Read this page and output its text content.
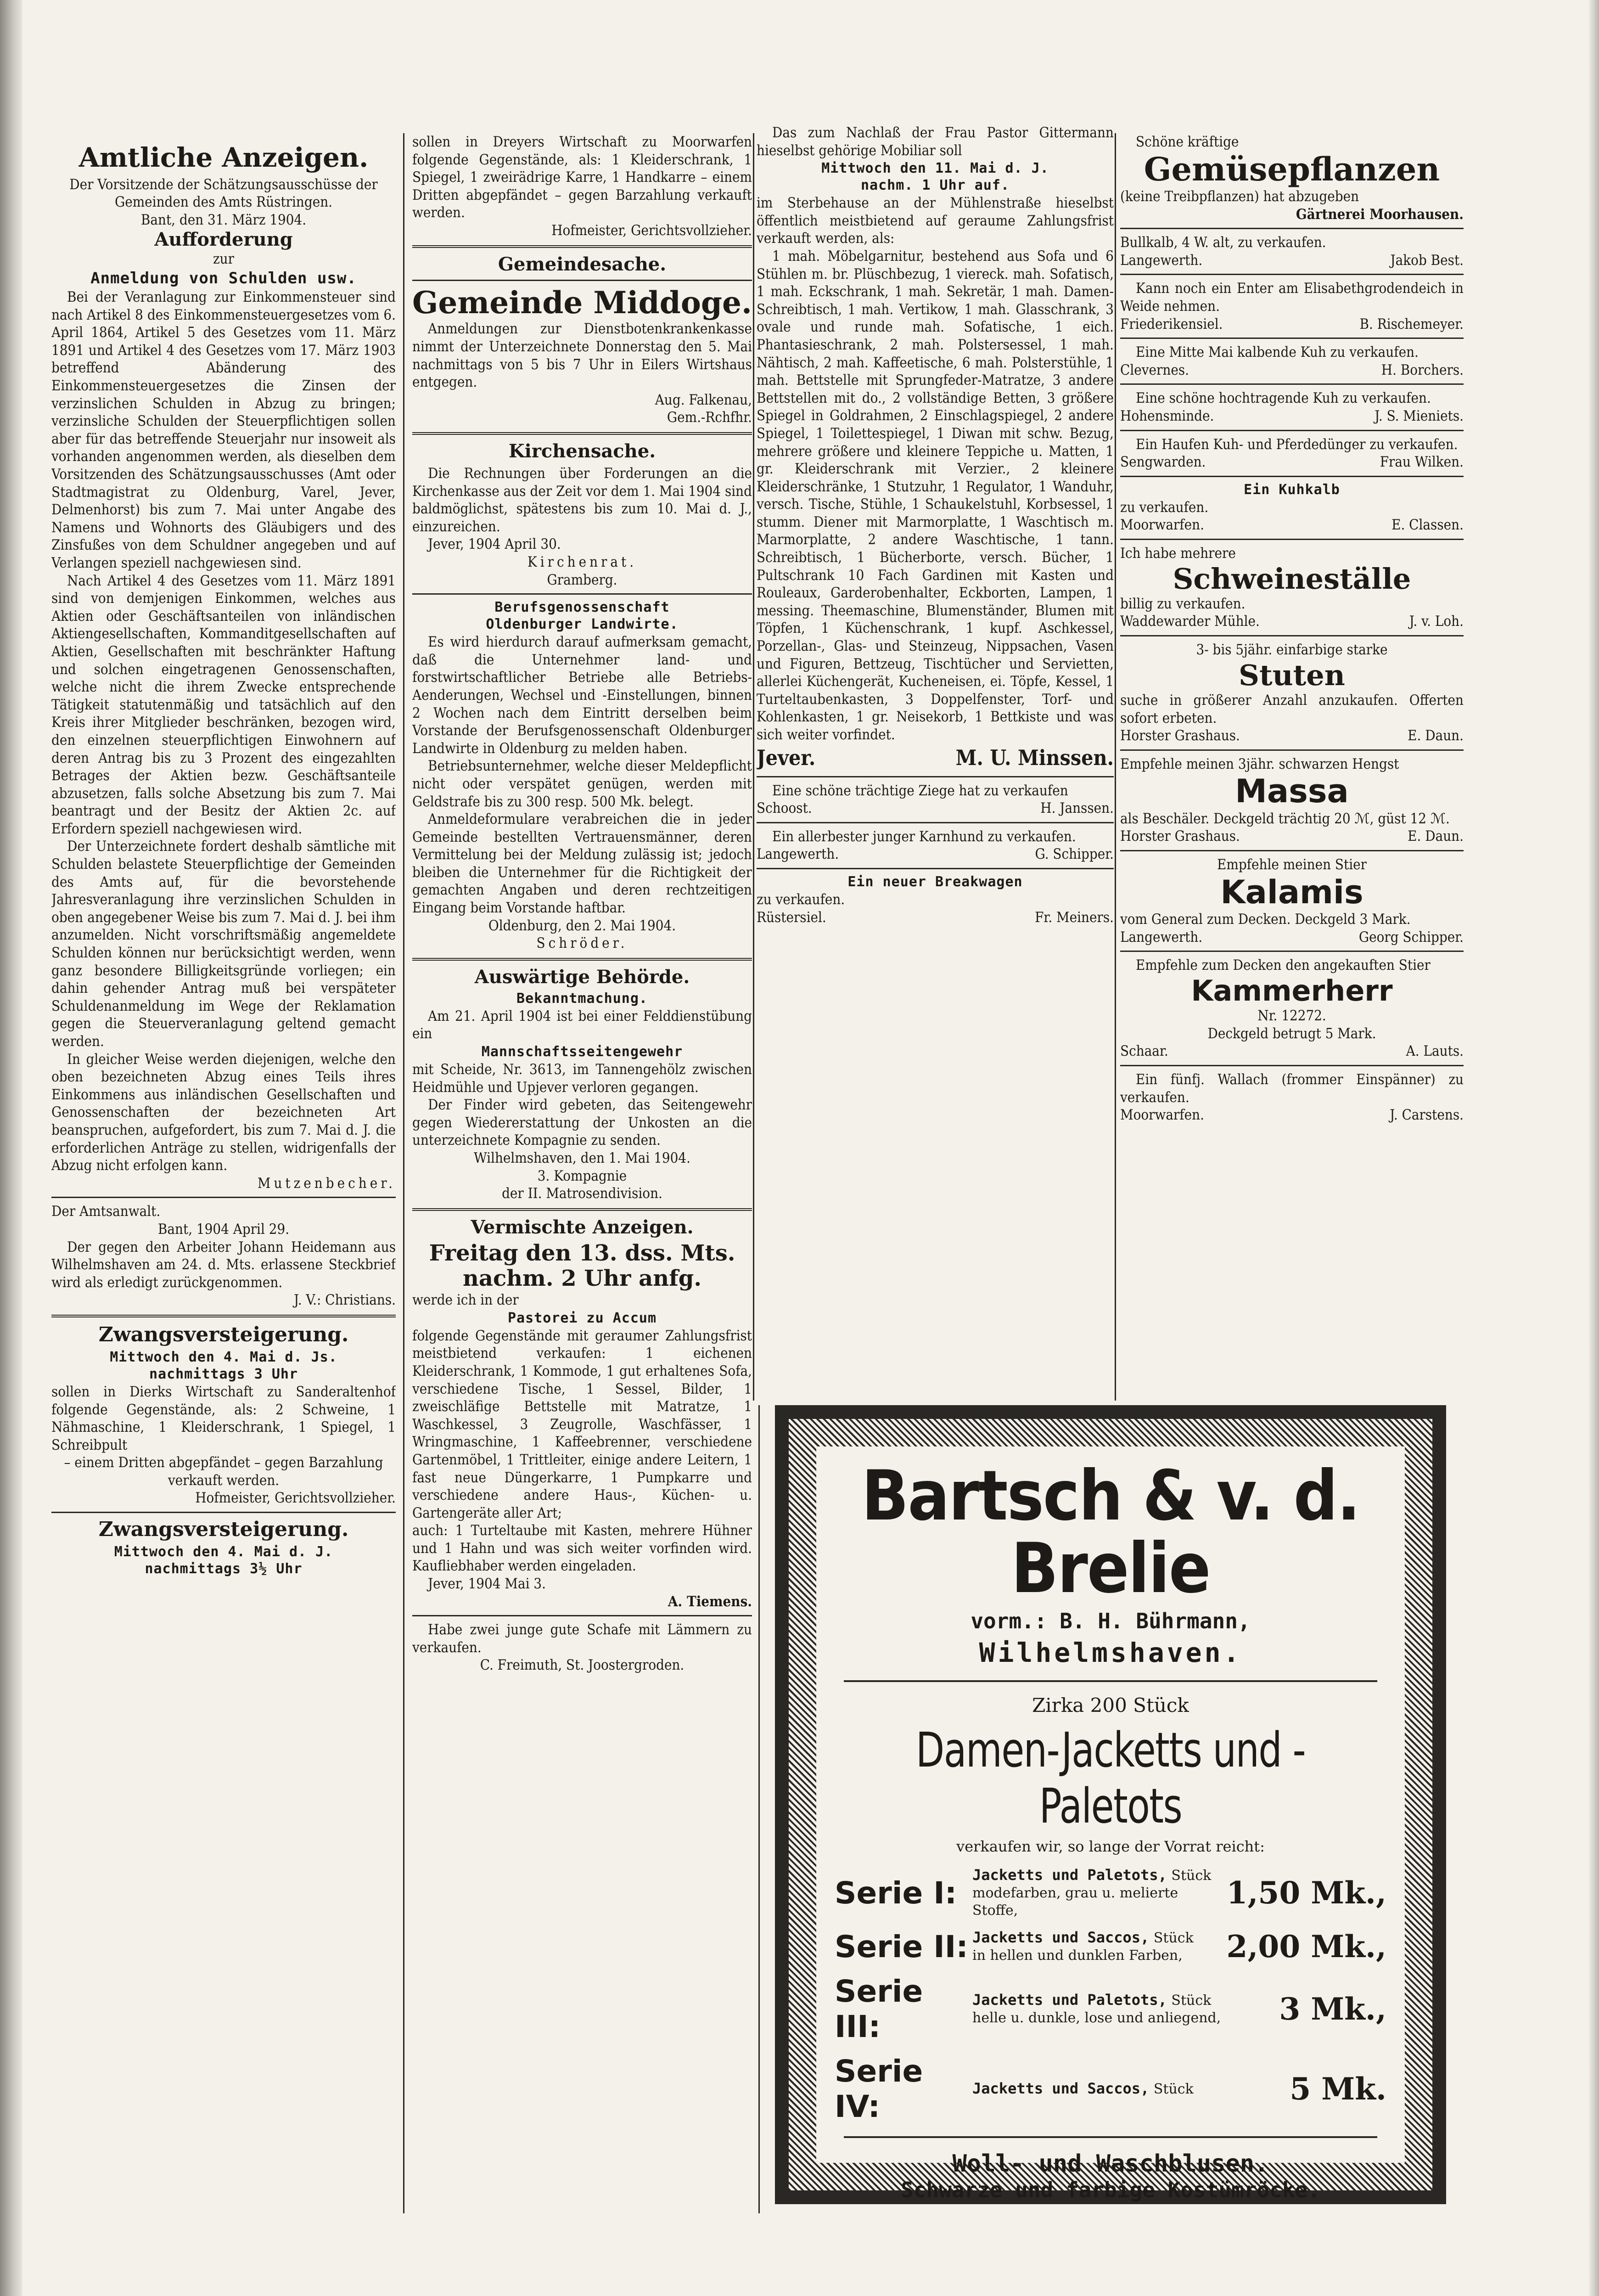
Amtliche Anzeigen.

Der Vorsitzende der Schätzungsausschüsse der Gemeinden des Amts Rüstringen.

Bant, den 31. März 1904.

Aufforderung

zur

Anmeldung von Schulden usw.

Bei der Veranlagung zur Einkommensteuer sind nach Artikel 8 des Einkommensteuergesetzes vom 6. April 1864, Artikel 5 des Gesetzes vom 11. März 1891 und Artikel 4 des Gesetzes vom 17. März 1903 betreffend Abänderung des Einkommensteuergesetzes die Zinsen der verzinslichen Schulden in Abzug zu bringen; verzinsliche Schulden der Steuerpflichtigen sollen aber für das betreffende Steuerjahr nur insoweit als vorhanden angenommen werden, als dieselben dem Vorsitzenden des Schätzungsausschusses (Amt oder Stadtmagistrat zu Oldenburg, Varel, Jever, Delmenhorst) bis zum 7. Mai unter Angabe des Namens und Wohnorts des Gläubigers und des Zinsfußes von dem Schuldner angegeben und auf Verlangen speziell nachgewiesen sind.

Nach Artikel 4 des Gesetzes vom 11. März 1891 sind von demjenigen Einkommen, welches aus Aktien oder Geschäftsanteilen von inländischen Aktiengesellschaften, Kommanditgesellschaften auf Aktien, Gesellschaften mit beschränkter Haftung und solchen eingetragenen Genossenschaften, welche nicht die ihrem Zwecke entsprechende Tätigkeit statutenmäßig und tatsächlich auf den Kreis ihrer Mitglieder beschränken, bezogen wird, den einzelnen steuerpflichtigen Einwohnern auf deren Antrag bis zu 3 Prozent des eingezahlten Betrages der Aktien bezw. Geschäftsanteile abzusetzen, falls solche Absetzung bis zum 7. Mai beantragt und der Besitz der Aktien 2c. auf Erfordern speziell nachgewiesen wird.

Der Unterzeichnete fordert deshalb sämtliche mit Schulden belastete Steuerpflichtige der Gemeinden des Amts auf, für die bevorstehende Jahresveranlagung ihre verzinslichen Schulden in oben angegebener Weise bis zum 7. Mai d. J. bei ihm anzumelden. Nicht vorschriftsmäßig angemeldete Schulden können nur berücksichtigt werden, wenn ganz besondere Billigkeitsgründe vorliegen; ein dahin gehender Antrag muß bei verspäteter Schuldenanmeldung im Wege der Reklamation gegen die Steuerveranlagung geltend gemacht werden.

In gleicher Weise werden diejenigen, welche den oben bezeichneten Abzug eines Teils ihres Einkommens aus inländischen Gesellschaften und Genossenschaften der bezeichneten Art beanspruchen, aufgefordert, bis zum 7. Mai d. J. die erforderlichen Anträge zu stellen, widrigenfalls der Abzug nicht erfolgen kann.

Mutzenbecher.

Der Amtsanwalt.

Bant, 1904 April 29.

Der gegen den Arbeiter Johann Heidemann aus Wilhelmshaven am 24. d. Mts. erlassene Steckbrief wird als erledigt zurückgenommen.

J. V.: Christians.

Zwangsversteigerung.
Mittwoch den 4. Mai d. Js.
nachmittags 3 Uhr

sollen in Dierks Wirtschaft zu Sanderaltenhof folgende Gegenstände, als: 2 Schweine, 1 Nähmaschine, 1 Kleiderschrank, 1 Spiegel, 1 Schreibpult

– einem Dritten abgepfändet – gegen Barzahlung verkauft werden.

Hofmeister, Gerichtsvollzieher.

Zwangsversteigerung.
Mittwoch den 4. Mai d. J.
nachmittags 3½ Uhr

sollen in Dreyers Wirtschaft zu Moorwarfen folgende Gegenstände, als: 1 Kleiderschrank, 1 Spiegel, 1 zweirädrige Karre, 1 Handkarre – einem Dritten abgepfändet – gegen Barzahlung verkauft werden.

Hofmeister, Gerichtsvollzieher.

Gemeindesache.
Gemeinde Middoge.

Anmeldungen zur Dienstbotenkrankenkasse nimmt der Unterzeichnete Donnerstag den 5. Mai nachmittags von 5 bis 7 Uhr in Eilers Wirtshaus entgegen.

Aug. Falkenau,

Gem.-Rchfhr.

Kirchensache.

Die Rechnungen über Forderungen an die Kirchenkasse aus der Zeit vor dem 1. Mai 1904 sind baldmöglichst, spätestens bis zum 10. Mai d. J., einzureichen.

Jever, 1904 April 30.

Kirchenrat.

Gramberg.

Berufsgenossenschaft
Oldenburger Landwirte.

Es wird hierdurch darauf aufmerksam gemacht, daß die Unternehmer land- und forstwirtschaftlicher Betriebe alle Betriebs-Aenderungen, Wechsel und -Einstellungen, binnen 2 Wochen nach dem Eintritt derselben beim Vorstande der Berufsgenossenschaft Oldenburger Landwirte in Oldenburg zu melden haben.

Betriebsunternehmer, welche dieser Meldepflicht nicht oder verspätet genügen, werden mit Geldstrafe bis zu 300 resp. 500 Mk. belegt.

Anmeldeformulare verabreichen die in jeder Gemeinde bestellten Vertrauensmänner, deren Vermittelung bei der Meldung zulässig ist; jedoch bleiben die Unternehmer für die Richtigkeit der gemachten Angaben und deren rechtzeitigen Eingang beim Vorstande haftbar.

Oldenburg, den 2. Mai 1904.

Schröder.

Auswärtige Behörde.
Bekanntmachung.

Am 21. April 1904 ist bei einer Felddienstübung ein

Mannschaftsseitengewehr

mit Scheide, Nr. 3613, im Tannengehölz zwischen Heidmühle und Upjever verloren gegangen.

Der Finder wird gebeten, das Seitengewehr gegen Wiedererstattung der Unkosten an die unterzeichnete Kompagnie zu senden.

Wilhelmshaven, den 1. Mai 1904.

3. Kompagnie

der II. Matrosendivision.

Vermischte Anzeigen.
Freitag den 13. dss. Mts.
nachm. 2 Uhr anfg.

werde ich in der

Pastorei zu Accum

folgende Gegenstände mit geraumer Zahlungsfrist meistbietend verkaufen: 1 eichenen Kleiderschrank, 1 Kommode, 1 gut erhaltenes Sofa, verschiedene Tische, 1 Sessel, Bilder, 1 zweischläfige Bettstelle mit Matratze, 1 Waschkessel, 3 Zeugrolle, Waschfässer, 1 Wringmaschine, 1 Kaffeebrenner, verschiedene Gartenmöbel, 1 Trittleiter, einige andere Leitern, 1 fast neue Düngerkarre, 1 Pumpkarre und verschiedene andere Haus-, Küchen- u. Gartengeräte aller Art;

auch: 1 Turteltaube mit Kasten, mehrere Hühner und 1 Hahn und was sich weiter vorfinden wird. Kaufliebhaber werden eingeladen.

Jever, 1904 Mai 3.

A. Tiemens.

Habe zwei junge gute Schafe mit Lämmern zu verkaufen.

C. Freimuth, St. Joostergroden.

Das zum Nachlaß der Frau Pastor Gittermann hieselbst gehörige Mobiliar soll

Mittwoch den 11. Mai d. J.
nachm. 1 Uhr auf.

im Sterbehause an der Mühlenstraße hieselbst öffentlich meistbietend auf geraume Zahlungsfrist verkauft werden, als:

1 mah. Möbelgarnitur, bestehend aus Sofa und 6 Stühlen m. br. Plüschbezug, 1 viereck. mah. Sofatisch, 1 mah. Eckschrank, 1 mah. Sekretär, 1 mah. Damen-Schreibtisch, 1 mah. Vertikow, 1 mah. Glasschrank, 3 ovale und runde mah. Sofatische, 1 eich. Phantasieschrank, 2 mah. Polstersessel, 1 mah. Nähtisch, 2 mah. Kaffeetische, 6 mah. Polsterstühle, 1 mah. Bettstelle mit Sprungfeder-Matratze, 3 andere Bettstellen mit do., 2 vollständige Betten, 3 größere Spiegel in Goldrahmen, 2 Einschlagspiegel, 2 andere Spiegel, 1 Toilettespiegel, 1 Diwan mit schw. Bezug, mehrere größere und kleinere Teppiche u. Matten, 1 gr. Kleiderschrank mit Verzier., 2 kleinere Kleiderschränke, 1 Stutzuhr, 1 Regulator, 1 Wanduhr, versch. Tische, Stühle, 1 Schaukelstuhl, Korbsessel, 1 stumm. Diener mit Marmorplatte, 1 Waschtisch m. Marmorplatte, 2 andere Waschtische, 1 tann. Schreibtisch, 1 Bücherborte, versch. Bücher, 1 Pultschrank 10 Fach Gardinen mit Kasten und Rouleaux, Garderobenhalter, Eckborten, Lampen, 1 messing. Theemaschine, Blumenständer, Blumen mit Töpfen, 1 Küchenschrank, 1 kupf. Aschkessel, Porzellan-, Glas- und Steinzeug, Nippsachen, Vasen und Figuren, Bettzeug, Tischtücher und Servietten, allerlei Küchengerät, Kucheneisen, ei. Töpfe, Kessel, 1 Turteltaubenkasten, 3 Doppelfenster, Torf- und Kohlenkasten, 1 gr. Neisekorb, 1 Bettkiste und was sich weiter vorfindet.

Jever.	M. U. Minssen.

Eine schöne trächtige Ziege hat zu verkaufen

Schoost.	H. Janssen.

Ein allerbester junger Karnhund zu verkaufen.

Langewerth.	G. Schipper.
Ein neuer Breakwagen

zu verkaufen.

Rüstersiel.	Fr. Meiners.

Schöne kräftige

Gemüsepflanzen

(keine Treibpflanzen) hat abzugeben

Gärtnerei Moorhausen.

Bullkalb, 4 W. alt, zu verkaufen.

Langewerth.	Jakob Best.

Kann noch ein Enter am Elisabethgrodendeich in Weide nehmen.

Friederikensiel.	B. Rischemeyer.

Eine Mitte Mai kalbende Kuh zu verkaufen.

Clevernes.	H. Borchers.

Eine schöne hochtragende Kuh zu verkaufen.

Hohensminde.	J. S. Mieniets.

Ein Haufen Kuh- und Pferdedünger zu verkaufen.

Sengwarden.	Frau Wilken.
Ein Kuhkalb

zu verkaufen.

Moorwarfen.	E. Classen.

Ich habe mehrere

Schweineställe

billig zu verkaufen.

Waddewarder Mühle.	J. v. Loh.

3- bis 5jähr. einfarbige starke

Stuten

suche in größerer Anzahl anzukaufen. Offerten sofort erbeten.

Horster Grashaus.	E. Daun.

Empfehle meinen 3jähr. schwarzen Hengst

Massa

als Beschäler. Deckgeld trächtig 20 ℳ, güst 12 ℳ.

Horster Grashaus.	E. Daun.

Empfehle meinen Stier

Kalamis

vom General zum Decken. Deckgeld 3 Mark.

Langewerth.	Georg Schipper.

Empfehle zum Decken den angekauften Stier

Kammerherr

Nr. 12272.

Deckgeld betrugt 5 Mark.

Schaar.	A. Lauts.

Ein fünfj. Wallach (frommer Einspänner) zu verkaufen.

Moorwarfen.	J. Carstens.
Bartsch & v. d. Brelie
vorm.: B. H. Bührmann,
Wilhelmshaven.
Zirka 200 Stück
Damen-Jacketts und -Paletots
verkaufen wir, so lange der Vorrat reicht:
Serie I:
Jacketts und Paletots, Stück
modefarben, grau u. melierte Stoffe,	1,50 Mk.,
Serie II: Jacketts und Saccos, Stück
in hellen und dunklen Farben,	2,00 Mk.,
Serie III:
Jacketts und Paletots, Stück
helle u. dunkle, lose und anliegend,	3 Mk.,
Serie IV:
Jacketts und Saccos, Stück	5 Mk.
Woll- und Waschblusen.
Schwarze und farbige Kostümröcke.
